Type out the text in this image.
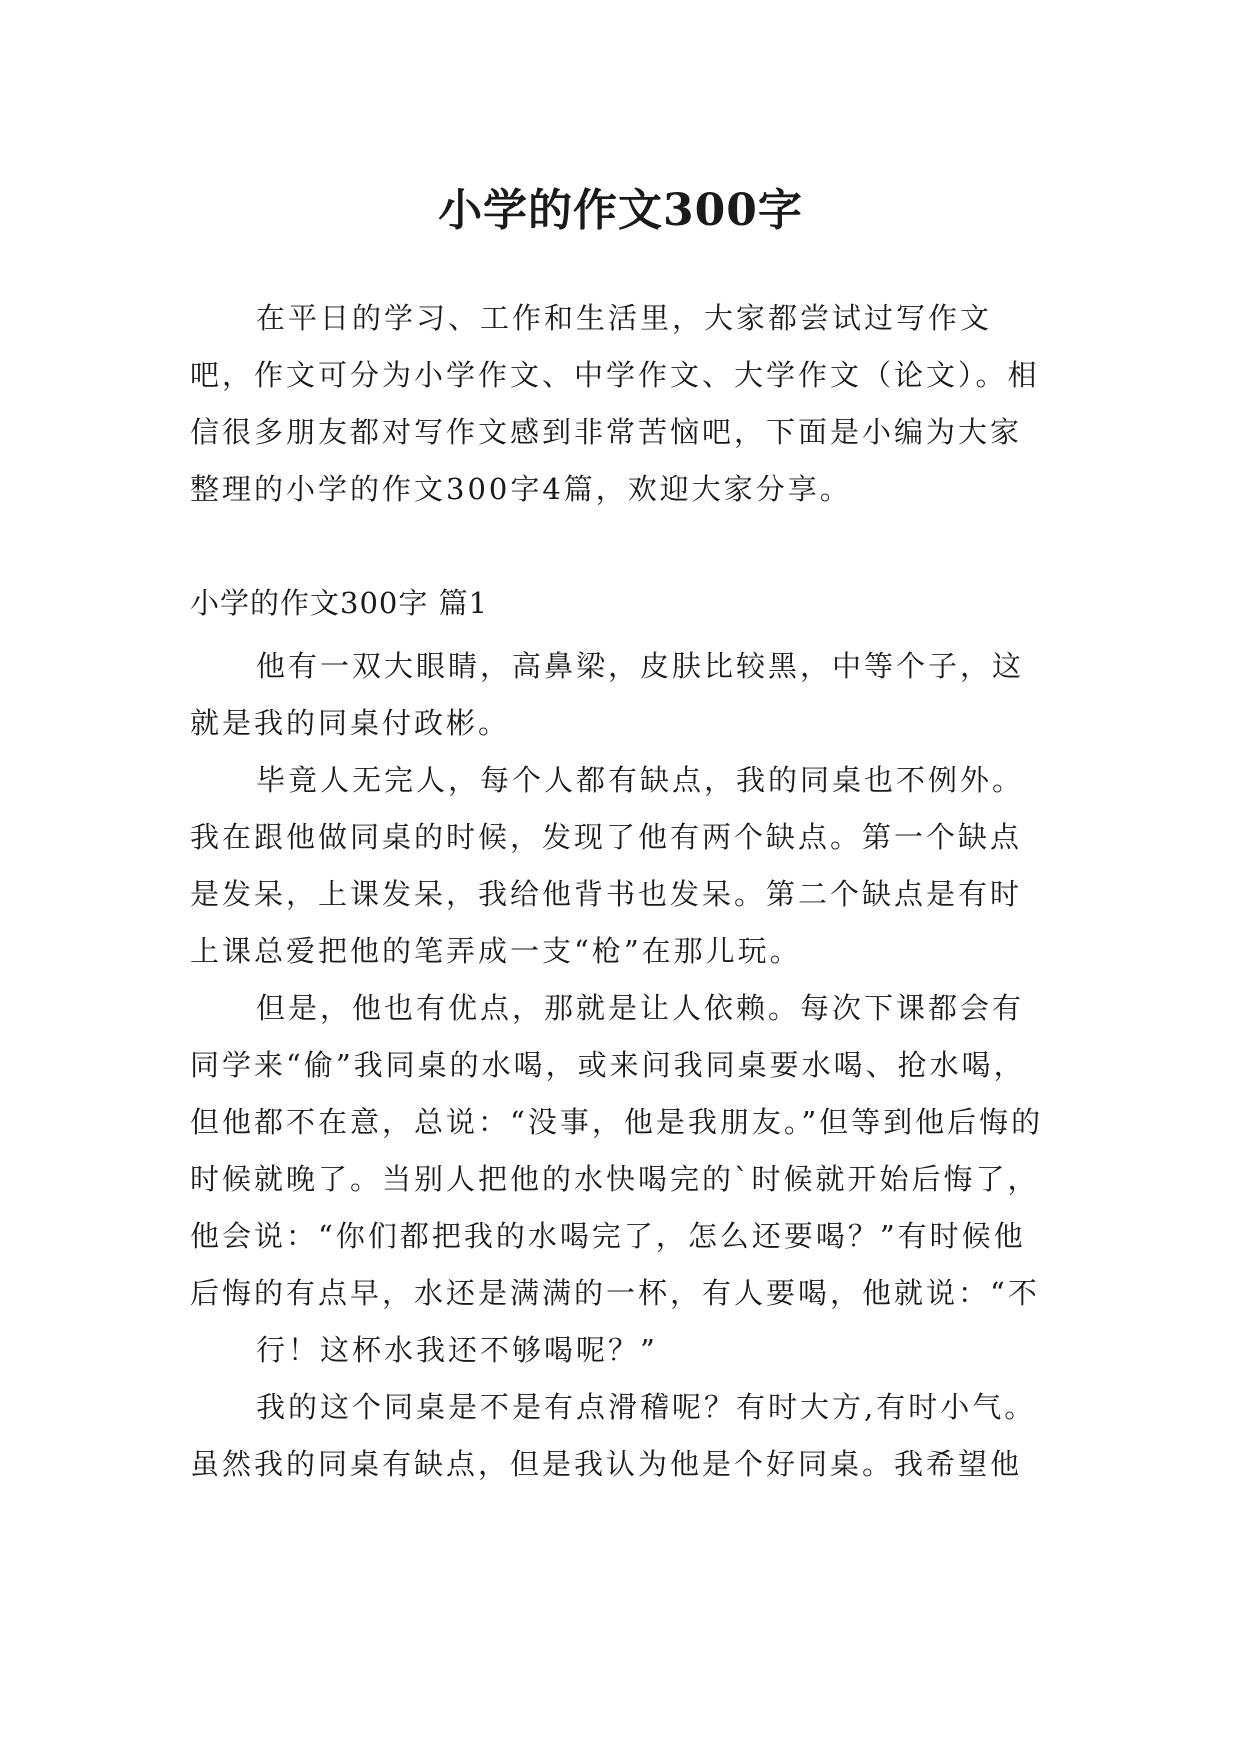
小学的作文300字

在平日的学习、工作和生活里，大家都尝试过写作文吧，作文可分为小学作文、中学作文、大学作文（论文）。相信很多朋友都对写作文感到非常苦恼吧，下面是小编为大家整理的小学的作文300字4篇，欢迎大家分享。

小学的作文300字 篇1

他有一双大眼睛，高鼻梁，皮肤比较黑，中等个子，这就是我的同桌付政彬。

毕竟人无完人，每个人都有缺点，我的同桌也不例外。我在跟他做同桌的时候，发现了他有两个缺点。第一个缺点是发呆，上课发呆，我给他背书也发呆。第二个缺点是有时上课总爱把他的笔弄成一支“枪”在那儿玩。

但是，他也有优点，那就是让人依赖。每次下课都会有同学来“偷”我同桌的水喝，或来问我同桌要水喝、抢水喝，但他都不在意，总说：“没事，他是我朋友。”但等到他后悔的时候就晚了。当别人把他的水快喝完的`时候就开始后悔了，他会说：“你们都把我的水喝完了，怎么还要喝？”有时候他后悔的有点早，水还是满满的一杯，有人要喝，他就说：“不

行！这杯水我还不够喝呢？”

我的这个同桌是不是有点滑稽呢？有时大方,有时小气。虽然我的同桌有缺点，但是我认为他是个好同桌。我希望他
